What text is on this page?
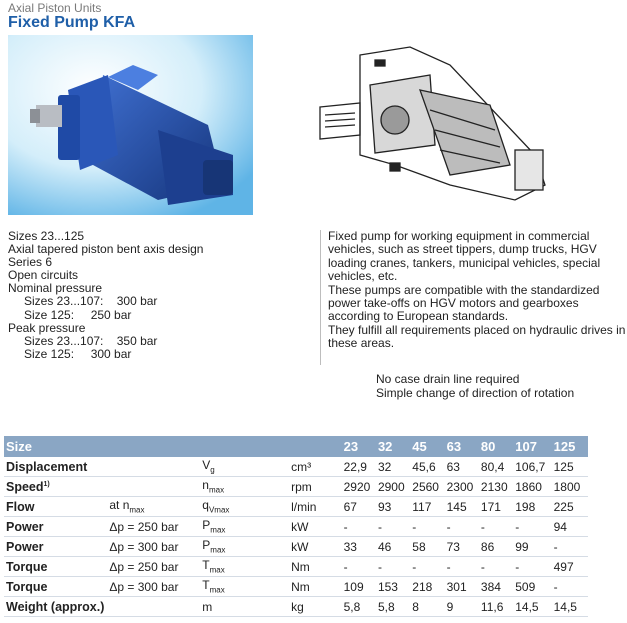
Axial Piston Units
Fixed Pump KFA
Sizes 23...125
Axial tapered piston bent axis design
Series 6
Open circuits
Nominal pressure
Sizes 23...107:    300 bar
Size 125:     250 bar
Peak pressure
Sizes 23...107:    350 bar
Size 125:     300 bar
Fixed pump for working equipment in commercial vehicles, such as street tippers, dump trucks, HGV loading cranes, tankers, municipal vehicles, special vehicles, etc.
These pumps are compatible with the standardized power take-offs on HGV motors and gearboxes according to European standards.
They fulfill all requirements placed on hydraulic drives in these areas.
No case drain line required
Simple change of direction of rotation
Size				23	32	45	63	80	107	125
Displacement		$V_g$	cm³	22,9	32	45,6	63	80,4	106,7	125
Speed$^{1)}$		$n_{max}$	rpm	2920	2900	2560	2300	2130	1860	1800
Flow	at $n_{max}$	$q_{Vmax}$	l/min	67	93	117	145	171	198	225
Power	Δp = 250 bar	$P_{max}$	kW	-	-	-	-	-	-	94
Power	Δp = 300 bar	$P_{max}$	kW	33	46	58	73	86	99	-
Torque	Δp = 250 bar	$T_{max}$	Nm	-	-	-	-	-	-	497
Torque	Δp = 300 bar	$T_{max}$	Nm	109	153	218	301	384	509	-
Weight (approx.)		m	kg	5,8	5,8	8	9	11,6	14,5	14,5
